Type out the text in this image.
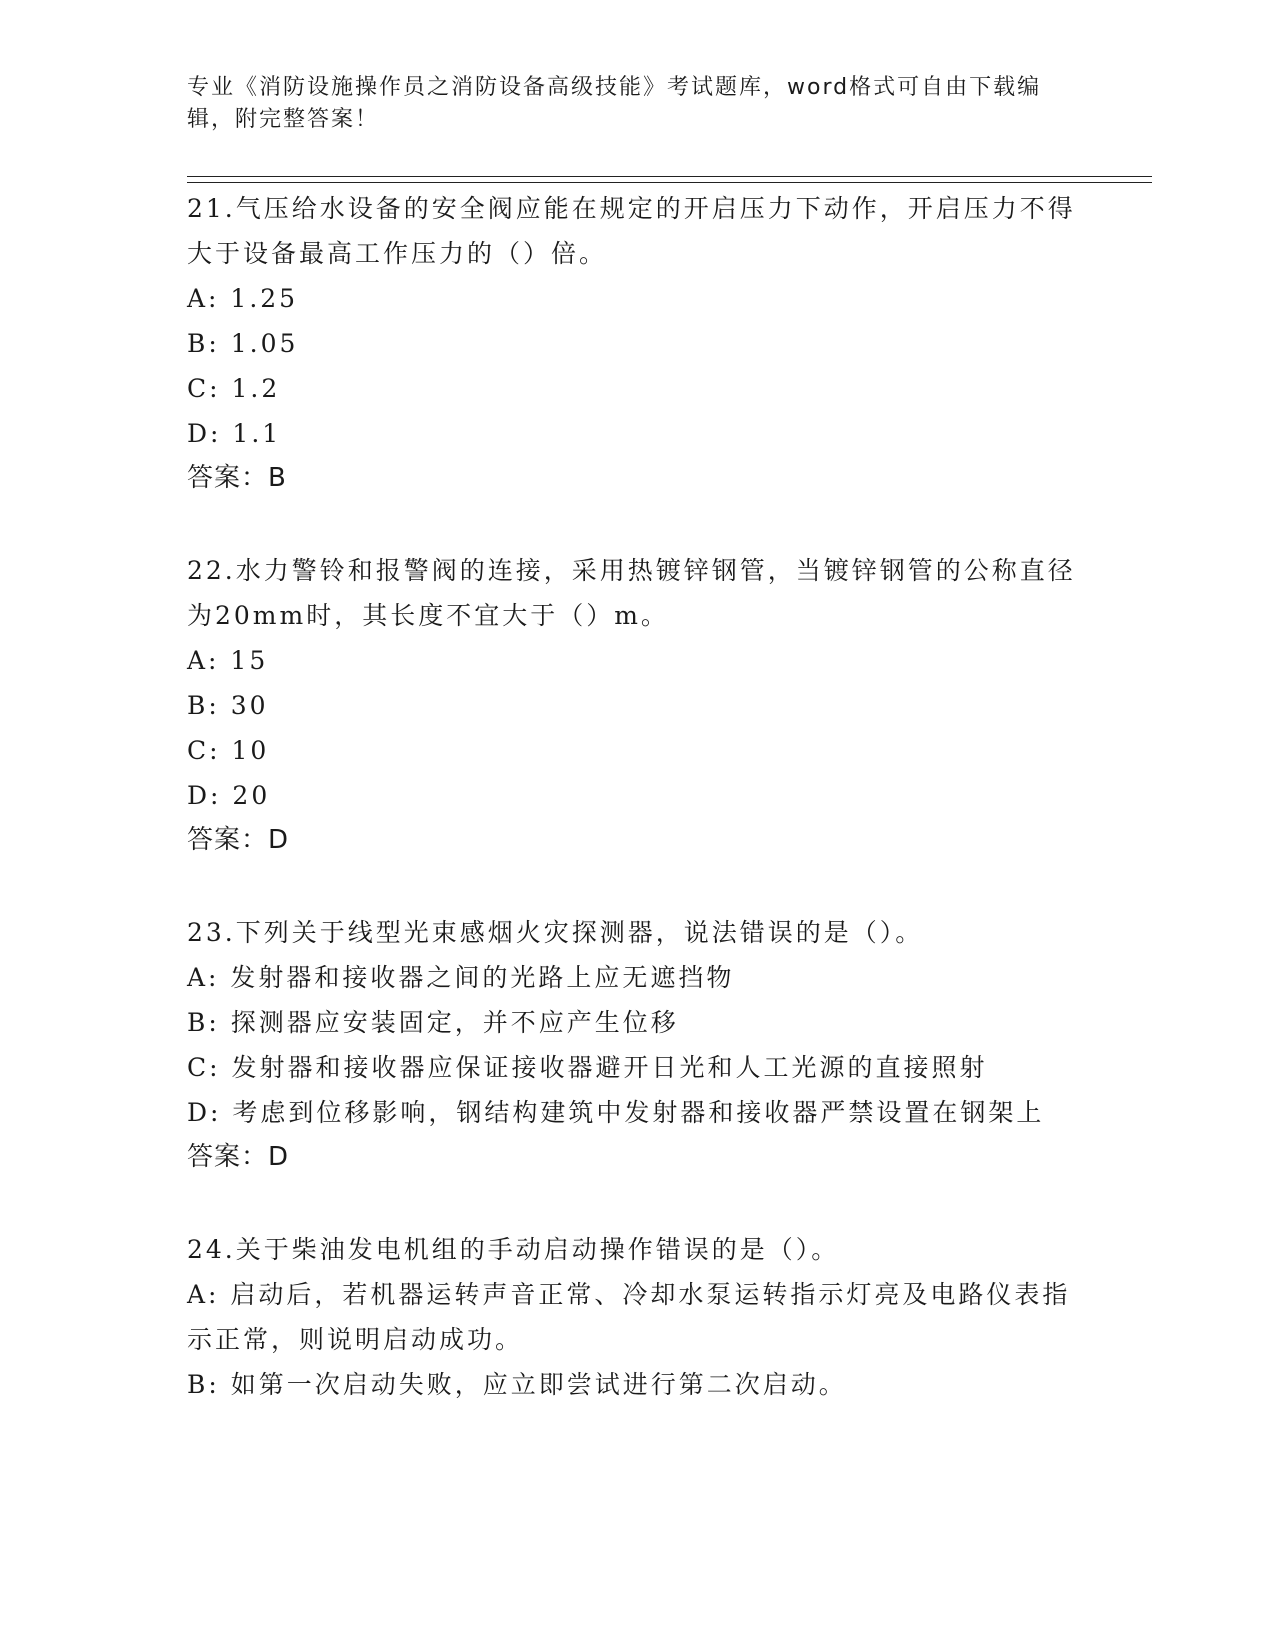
专业《消防设施操作员之消防设备高级技能》考试题库，word格式可自由下载编辑，附完整答案！
21.气压给水设备的安全阀应能在规定的开启压力下动作，开启压力不得大于设备最高工作压力的（）倍。
A: 1.25
B: 1.05
C: 1.2
D: 1.1
答案：B
22.水力警铃和报警阀的连接，采用热镀锌钢管，当镀锌钢管的公称直径为20mm时，其长度不宜大于（）m。
A: 15
B: 30
C: 10
D: 20
答案：D
23.下列关于线型光束感烟火灾探测器，说法错误的是（）。
A: 发射器和接收器之间的光路上应无遮挡物
B: 探测器应安装固定，并不应产生位移
C: 发射器和接收器应保证接收器避开日光和人工光源的直接照射
D: 考虑到位移影响，钢结构建筑中发射器和接收器严禁设置在钢架上
答案：D
24.关于柴油发电机组的手动启动操作错误的是（）。
A: 启动后，若机器运转声音正常、冷却水泵运转指示灯亮及电路仪表指示正常，则说明启动成功。
B: 如第一次启动失败，应立即尝试进行第二次启动。
